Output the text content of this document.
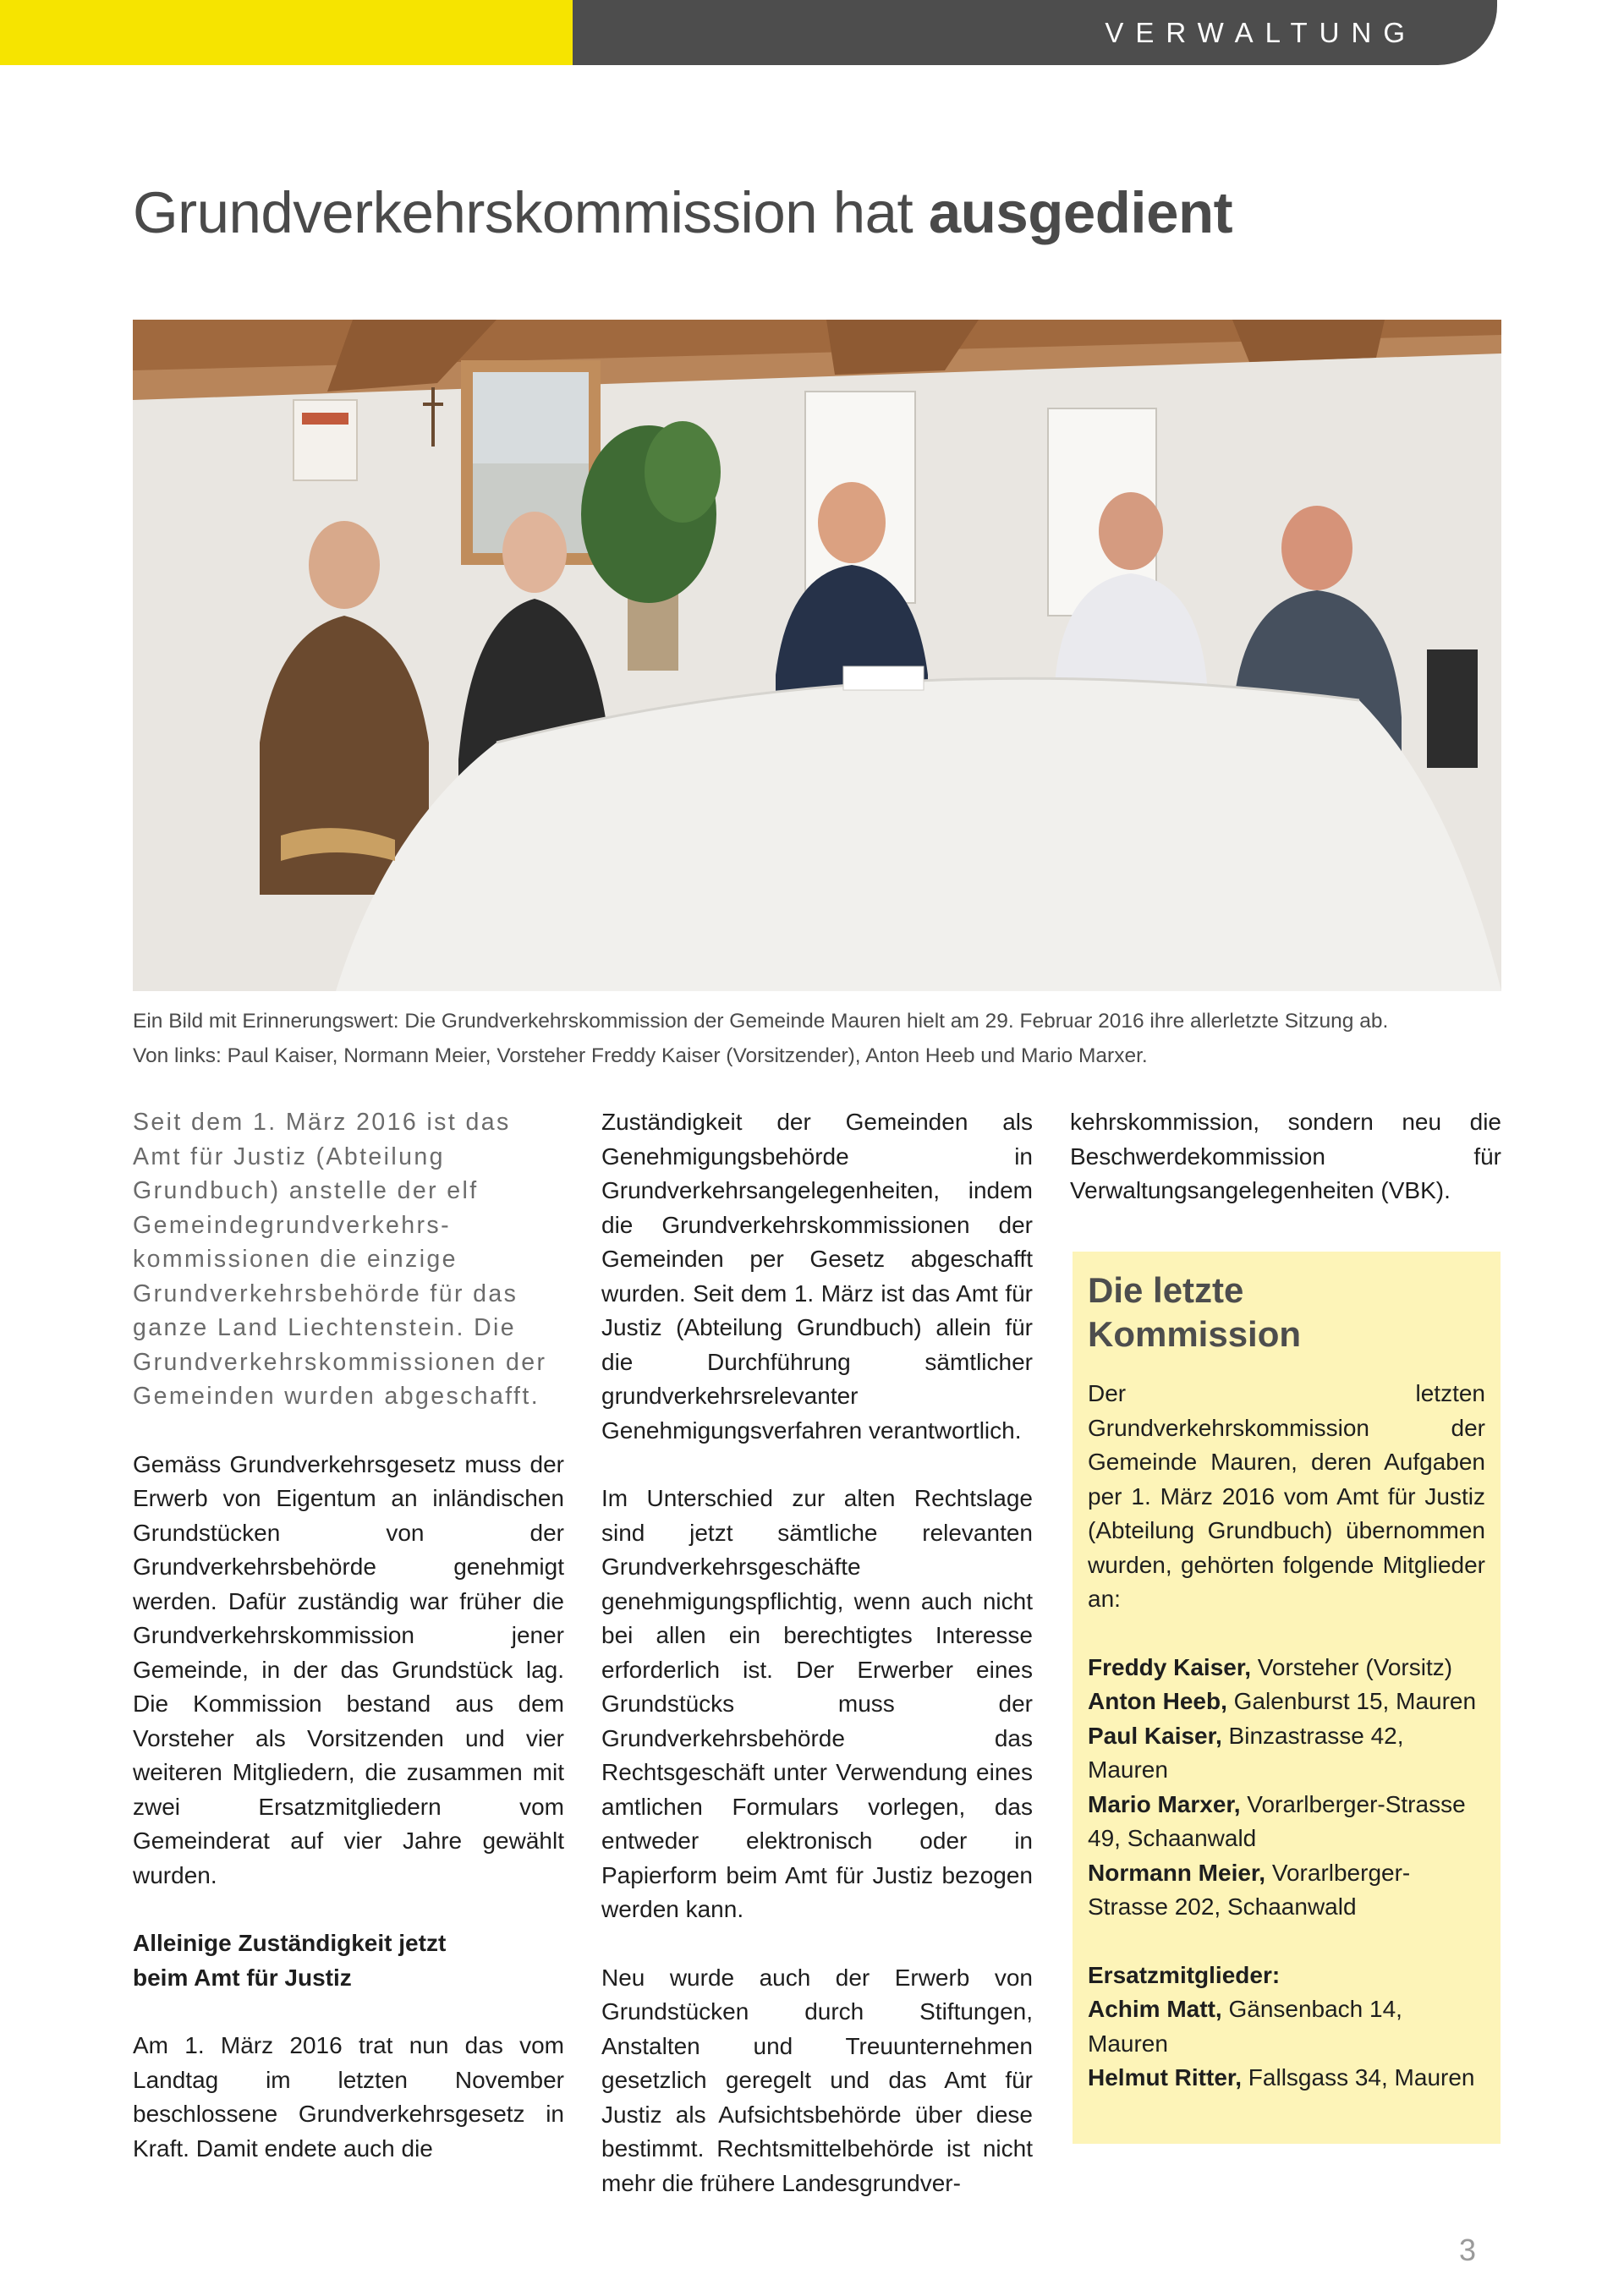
VERWALTUNG
Grundverkehrskommission hat ausgedient

Ein Bild mit Erinnerungswert: Die Grundverkehrskommission der Gemeinde Mauren hielt am 29. Februar 2016 ihre allerletzte Sitzung ab.

Von links: Paul Kaiser, Normann Meier, Vorsteher Freddy Kaiser (Vorsitzender), Anton Heeb und Mario Marxer.

Seit dem 1. März 2016 ist das Amt für Justiz (Abteilung Grundbuch) anstelle der elf Gemeindegrundverkehrs-kommissionen die einzige Grundverkehrsbehörde für das ganze Land Liechtenstein. Die Grundverkehrskommissionen der Gemeinden wurden abgeschafft.

Gemäss Grundverkehrsgesetz muss der Erwerb von Eigentum an inländischen Grundstücken von der Grundverkehrsbehörde genehmigt werden. Dafür zuständig war früher die Grundverkehrskommission jener Gemeinde, in der das Grundstück lag. Die Kommission bestand aus dem Vorsteher als Vorsitzenden und vier weiteren Mitgliedern, die zusammen mit zwei Ersatzmitgliedern vom Gemeinderat auf vier Jahre gewählt wurden.

Alleinige Zuständigkeit jetzt
beim Amt für Justiz

Am 1. März 2016 trat nun das vom Landtag im letzten November beschlossene Grundverkehrsgesetz in Kraft. Damit endete auch die

Zuständigkeit der Gemeinden als Genehmigungsbehörde in Grundverkehrsangelegenheiten, indem die Grundverkehrskommissionen der Gemeinden per Gesetz abgeschafft wurden. Seit dem 1. März ist das Amt für Justiz (Abteilung Grundbuch) allein für die Durchführung sämtlicher grundverkehrsrelevanter Genehmigungsverfahren verantwortlich.

Im Unterschied zur alten Rechtslage sind jetzt sämtliche relevanten Grundverkehrsgeschäfte genehmigungspflichtig, wenn auch nicht bei allen ein berechtigtes Interesse erforderlich ist. Der Erwerber eines Grundstücks muss der Grundverkehrsbehörde das Rechtsgeschäft unter Verwendung eines amtlichen Formulars vorlegen, das entweder elektronisch oder in Papierform beim Amt für Justiz bezogen werden kann.

Neu wurde auch der Erwerb von Grundstücken durch Stiftungen, Anstalten und Treuunternehmen gesetzlich geregelt und das Amt für Justiz als Aufsichtsbehörde über diese bestimmt. Rechtsmittelbehörde ist nicht mehr die frühere Landesgrundver-

kehrskommission, sondern neu die Beschwerdekommission für Verwaltungsangelegenheiten (VBK).

Die letzte
Kommission

Der letzten Grundverkehrskommission der Gemeinde Mauren, deren Aufgaben per 1. März 2016 vom Amt für Justiz (Abteilung Grundbuch) übernommen wurden, gehörten folgende Mitglieder an:

Freddy Kaiser, Vorsteher (Vorsitz)

Anton Heeb, Galenburst 15, Mauren

Paul Kaiser, Binzastrasse 42, Mauren

Mario Marxer, Vorarlberger-Strasse 49, Schaanwald

Normann Meier, Vorarlberger-Strasse 202, Schaanwald

Ersatzmitglieder:

Achim Matt, Gänsenbach 14, Mauren

Helmut Ritter, Fallsgass 34, Mauren

3
